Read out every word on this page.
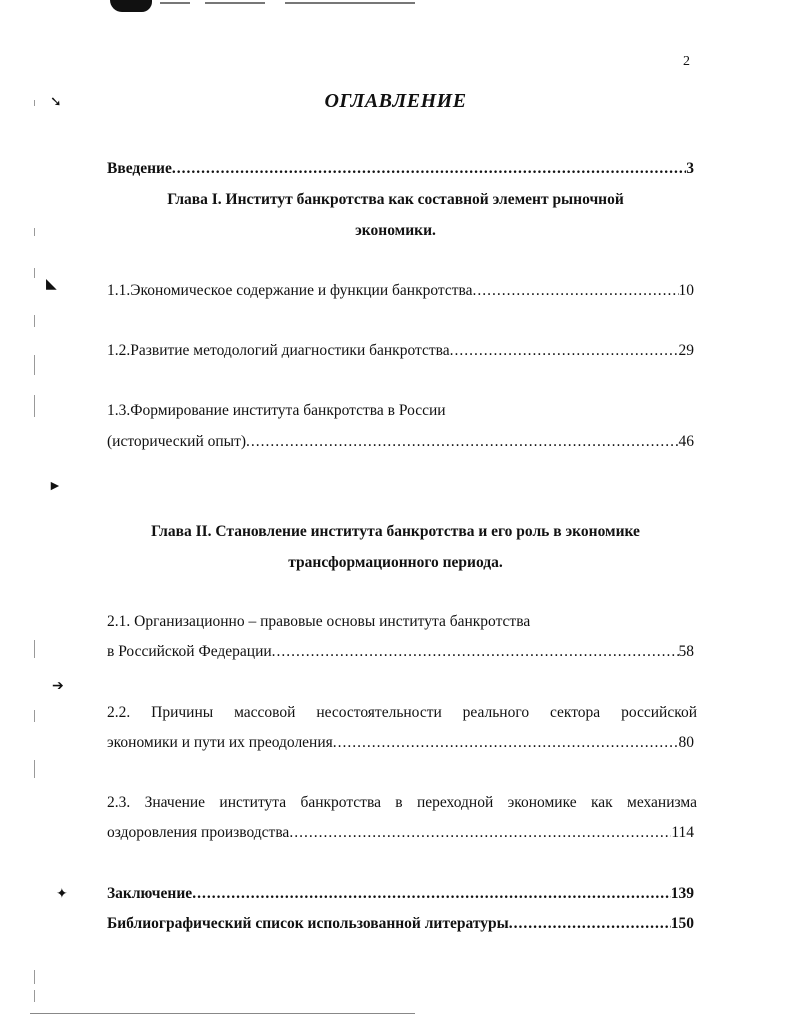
➘
◣
►
➔
✦
2
ОГЛАВЛЕНИЕ
Введение .....	3
Глава I. Институт банкротства как составной элемент рыночной
экономики.
1.1.Экономическое содержание и функции банкротства .....	10
1.2.Развитие методологий диагностики банкротства .....	29
1.3.Формирование института банкротства в России
(исторический опыт) .....	46
Глава II. Становление института банкротства и его роль в экономике
трансформационного периода.
2.1. Организационно – правовые основы института банкротства
в Российской Федерации .....	58
2.2. Причины массовой несостоятельности реального сектора российской
экономики и пути их преодоления .....	80
2.3. Значение института банкротства в переходной экономике как механизма
оздоровления производства .....	114
Заключение .....	139
Библиографический список использованной литературы .....	150
